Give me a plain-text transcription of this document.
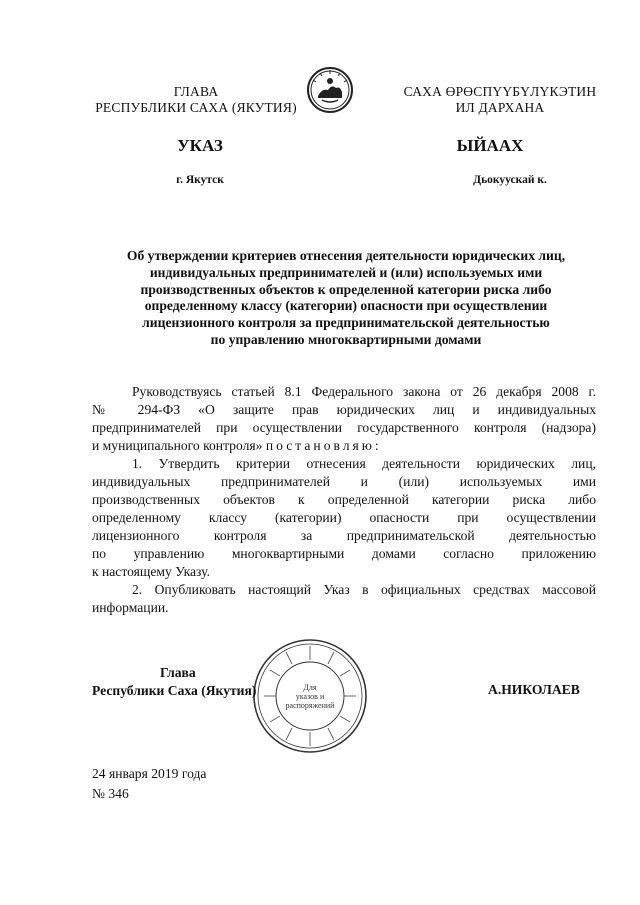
ГЛАВА
РЕСПУБЛИКИ САХА (ЯКУТИЯ)
САХА ӨРӨСПҮҮБҮЛҮКЭТИН
ИЛ ДАРХАНА
УКАЗ	ЫЙААХ
г. Якутск	Дьокуускай к.
Об утверждении критериев отнесения деятельности юридических лиц,
индивидуальных предпринимателей и (или) используемых ими
производственных объектов к определенной категории риска либо
определенному классу (категории) опасности при осуществлении
лицензионного контроля за предпринимательской деятельностью
по управлению многоквартирными домами
Руководствуясь статьей 8.1 Федерального закона от 26 декабря 2008 г.
№ 294-ФЗ «О защите прав юридических лиц и индивидуальных
предпринимателей при осуществлении государственного контроля (надзора)
и муниципального контроля» постановляю:
1. Утвердить критерии отнесения деятельности юридических лиц,
индивидуальных предпринимателей и (или) используемых ими
производственных объектов к определенной категории риска либо
определенному классу (категории) опасности при осуществлении
лицензионного контроля за предпринимательской деятельностью
по управлению многоквартирными домами согласно приложению
к настоящему Указу.
2. Опубликовать настоящий Указ в официальных средствах массовой
информации.
Для
указов и
распоряжений
Глава
Республики Саха (Якутия)	А.НИКОЛАЕВ
24 января 2019 года
№ 346
